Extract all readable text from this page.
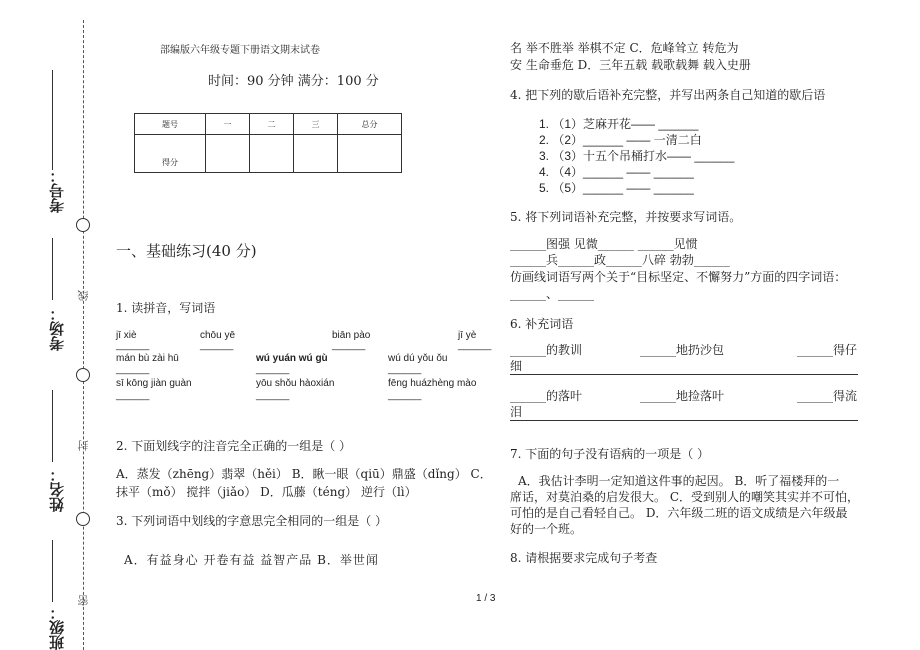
考号：
考场：
姓名：
班级：
线
封
密
部编版六年级专题下册语文期末试卷
时间：90 分钟 满分：100 分
题号	一	二	三	总分
得分				
一、基础练习(40 分)
1. 读拼音，写词语
jī xiè	chōu yē	biān pào	jī yè
______	______	______	______
mán bù zài hū	wú yuán wú gù	wú dú yǒu ǒu
______	______	______
sī kōng jiàn guàn	yōu shǒu hàoxián	fēng huázhèng mào
______	______	______
2. 下面划线字的注音完全正确的一组是（ ）
A．蒸发（zhēng）翡翠（hěi） B．瞅一眼（qiū）鼎盛（dǐng） C．
抹平（mǒ） 搅拌（jiǎo） D．瓜藤（téng） 逆行（lì）
3. 下列词语中划线的字意思完全相同的一组是（ ）
A．有益身心 开卷有益 益智产品 B．举世闻
名 举不胜举 举棋不定 C．危峰耸立 转危为
安 生命垂危 D．三年五载 载歌载舞 载入史册
4. 把下列的歇后语补充完整，并写出两条自己知道的歇后语
1. （1）芝麻开花—— ______
2. （2）______ —— 一清二白
3. （3）十五个吊桶打水—— ______
4. （4）______ —— ______
5. （5）______ —— ______
5. 将下列词语补充完整，并按要求写词语。
______图强 见微______ ______见惯
______兵______政______八碎 勃勃______
仿画线词语写两个关于“目标坚定、不懈努力”方面的四字词语：
______、______
6. 补充词语
______的教训	______地扔沙包	______得仔
细
______的落叶	______地捡落叶	______得流
泪
7. 下面的句子没有语病的一项是（ ）
A．我估计李明一定知道这件事的起因。 B．听了福楼拜的一
席话，对莫泊桑的启发很大。 C．受到别人的嘲笑其实并不可怕，
可怕的是自己看轻自己。 D．六年级二班的语文成绩是六年级最
好的一个班。
8. 请根据要求完成句子考查
1 / 3
